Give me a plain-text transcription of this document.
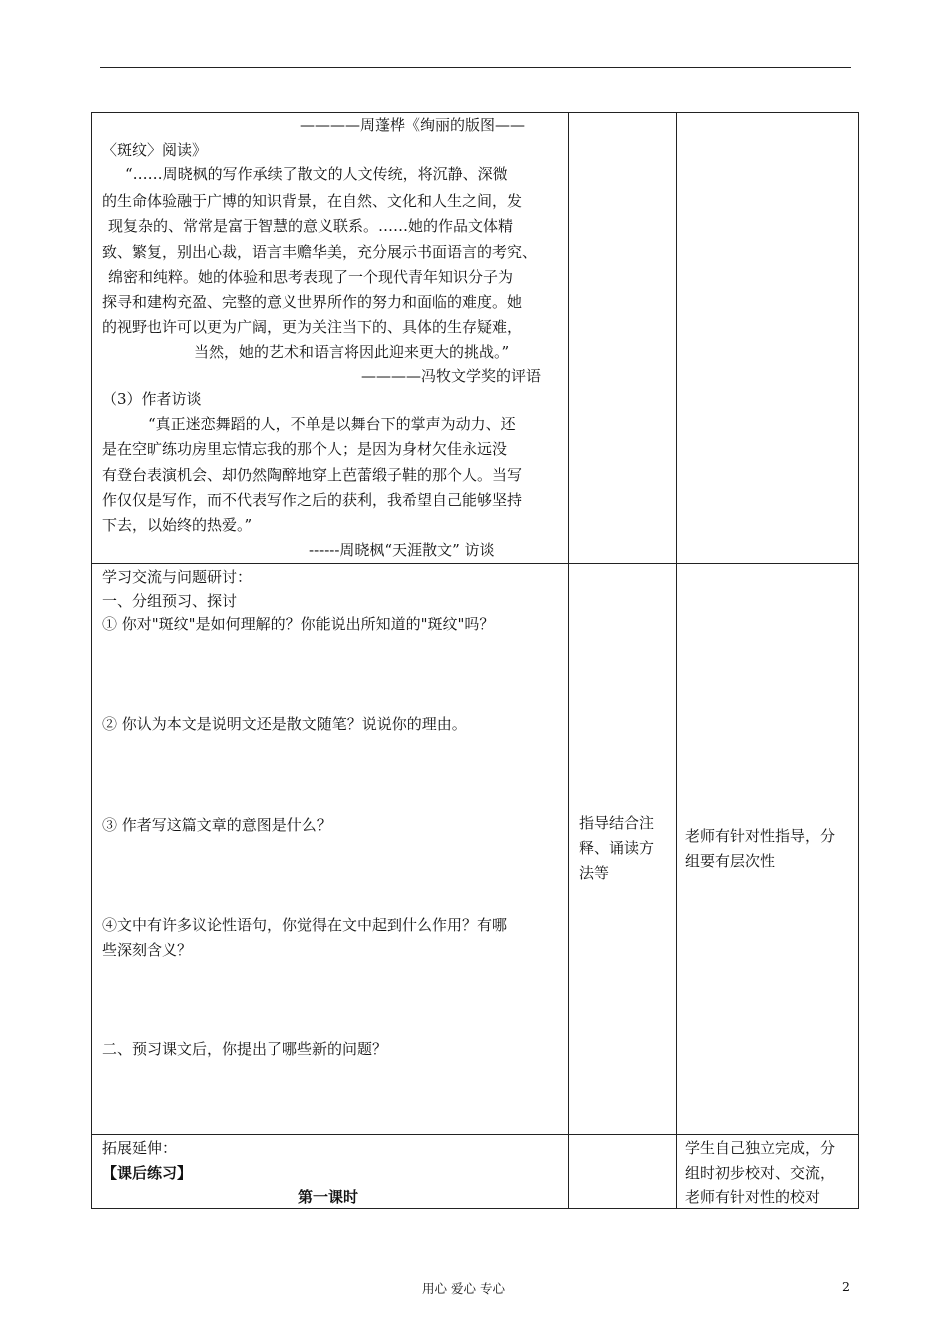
————周蓬桦《绚丽的版图——
〈斑纹〉阅读》
“……周晓枫的写作承续了散文的人文传统，将沉静、深微
的生命体验融于广博的知识背景，在自然、文化和人生之间，发
现复杂的、常常是富于智慧的意义联系。……她的作品文体精
致、繁复，别出心裁，语言丰赡华美，充分展示书面语言的考究、
绵密和纯粹。她的体验和思考表现了一个现代青年知识分子为
探寻和建构充盈、完整的意义世界所作的努力和面临的难度。她
的视野也许可以更为广阔，更为关注当下的、具体的生存疑难，
当然，她的艺术和语言将因此迎来更大的挑战。”
————冯牧文学奖的评语
（3）作者访谈
“真正迷恋舞蹈的人，不单是以舞台下的掌声为动力、还
是在空旷练功房里忘情忘我的那个人；是因为身材欠佳永远没
有登台表演机会、却仍然陶醉地穿上芭蕾缎子鞋的那个人。当写
作仅仅是写作，而不代表写作之后的获利，我希望自己能够坚持
下去，以始终的热爱。”
------周晓枫“天涯散文” 访谈
学习交流与问题研讨：
一、分组预习、探讨
① 你对"斑纹"是如何理解的？你能说出所知道的"斑纹"吗？
② 你认为本文是说明文还是散文随笔？说说你的理由。
③ 作者写这篇文章的意图是什么？
④文中有许多议论性语句，你觉得在文中起到什么作用？有哪
些深刻含义？
二、预习课文后，你提出了哪些新的问题？
指导结合注
释、诵读方
法等
老师有针对性指导，分
组要有层次性
拓展延伸：
【课后练习】
第一课时
学生自己独立完成，分
组时初步校对、交流，
老师有针对性的校对
用心 爱心 专心	2
